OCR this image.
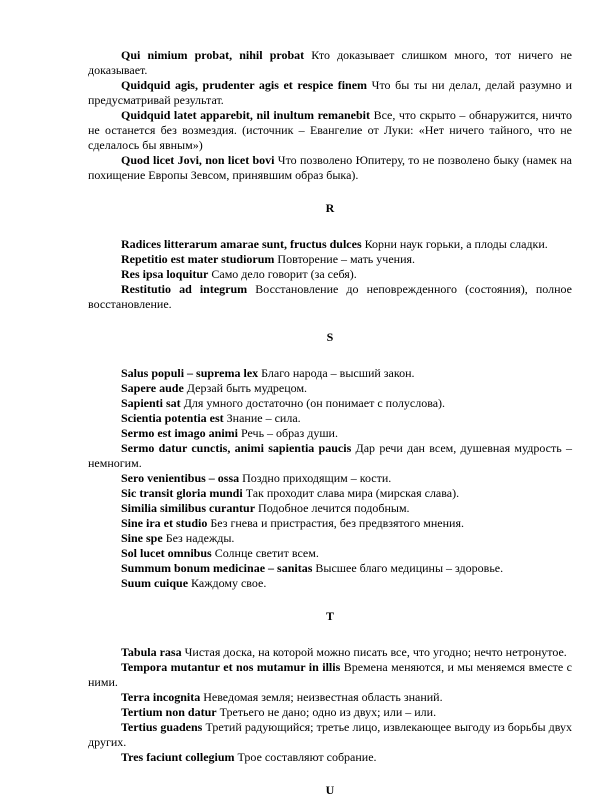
Qui nimium probat, nihil probat Кто доказывает слишком много, тот ничего не доказывает.

Quidquid agis, prudenter agis et respice finem Что бы ты ни делал, делай разумно и предусматривай результат.

Quidquid latet apparebit, nil inultum remanebit Все, что скрыто – обнаружится, ничто не останется без возмездия. (источник – Евангелие от Луки: «Нет ничего тайного, что не сделалось бы явным»)

Quod licet Jovi, non licet bovi Что позволено Юпитеру, то не позволено быку (намек на похищение Европы Зевсом, принявшим образ быка).

R

Radices litterarum amarae sunt, fructus dulces Корни наук горьки, а плоды сладки.

Repetitio est mater studiorum Повторение – мать учения.

Res ipsa loquitur Само дело говорит (за себя).

Restitutio ad integrum Восстановление до неповрежденного (состояния), полное восстановление.

S

Salus populi – suprema lex Благо народа – высший закон.

Sapere aude Дерзай быть мудрецом.

Sapienti sat Для умного достаточно (он понимает с полуслова).

Scientia potentia est Знание – сила.

Sermo est imago animi Речь – образ души.

Sermo datur cunctis, animi sapientia paucis Дар речи дан всем, душевная мудрость – немногим.

Sero venientibus – ossa Поздно приходящим – кости.

Sic transit gloria mundi Так проходит слава мира (мирская слава).

Similia similibus curantur Подобное лечится подобным.

Sine ira et studio Без гнева и пристрастия, без предвзятого мнения.

Sine spe Без надежды.

Sol lucet omnibus Солнце светит всем.

Summum bonum medicinae – sanitas Высшее благо медицины – здоровье.

Suum cuique Каждому свое.

T

Tabula rasa Чистая доска, на которой можно писать все, что угодно; нечто нетронутое.

Tempora mutantur et nos mutamur in illis Времена меняются, и мы меняемся вместе с ними.

Terra incognita Неведомая земля; неизвестная область знаний.

Tertium non datur Третьего не дано; одно из двух; или – или.

Tertius guadens Третий радующийся; третье лицо, извлекающее выгоду из борьбы двух других.

Tres faciunt collegium Трое составляют собрание.

U
